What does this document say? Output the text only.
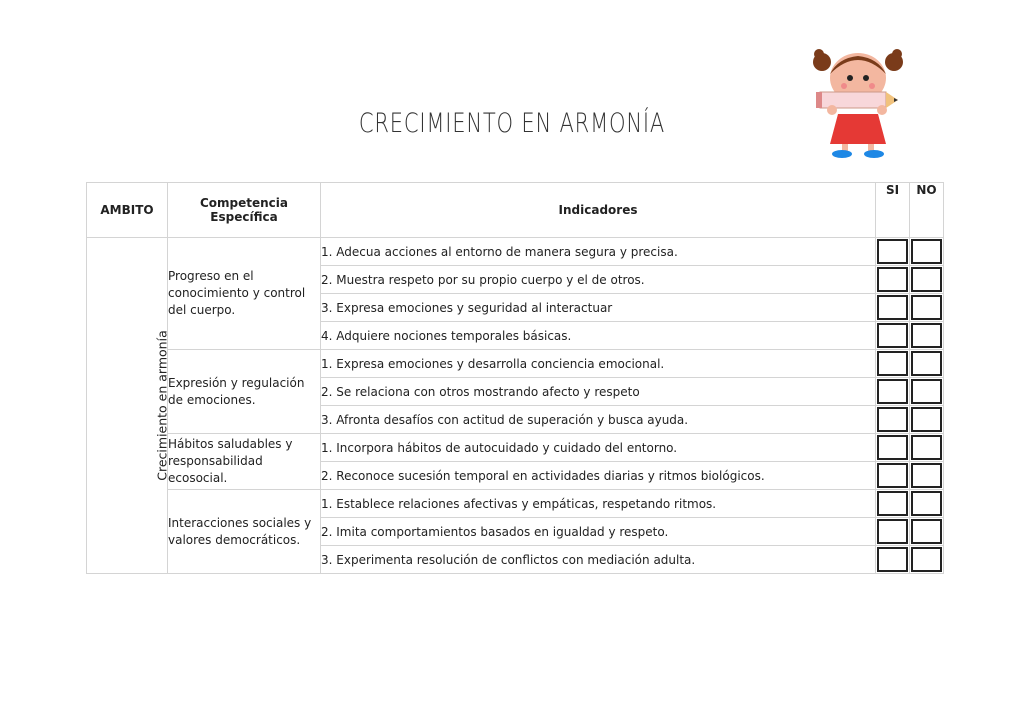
CRECIMIENTO EN ARMONÍA
AMBITO	Competencia Específica	Indicadores	SI	NO
Crecimiento en armonía	Progreso en el conocimiento y control del cuerpo.	1. Adecua acciones al entorno de manera segura y precisa.	

		2. Muestra respeto por su propio cuerpo y el de otros.	

		3. Expresa emociones y seguridad al interactuar	

		4. Adquiere nociones temporales básicas.	

	Expresión y regulación de emociones.	1. Expresa emociones y desarrolla conciencia emocional.	

		2. Se relaciona con otros mostrando afecto y respeto	

		3. Afronta desafíos con actitud de superación y busca ayuda.	

	Hábitos saludables y responsabilidad ecosocial.	1. Incorpora hábitos de autocuidado y cuidado del entorno.	

		2. Reconoce sucesión temporal en actividades diarias y ritmos biológicos.	

	Interacciones sociales y valores democráticos.	1. Establece relaciones afectivas y empáticas, respetando ritmos.	

		2. Imita comportamientos basados en igualdad y respeto.	

		3. Experimenta resolución de conflictos con mediación adulta.	
